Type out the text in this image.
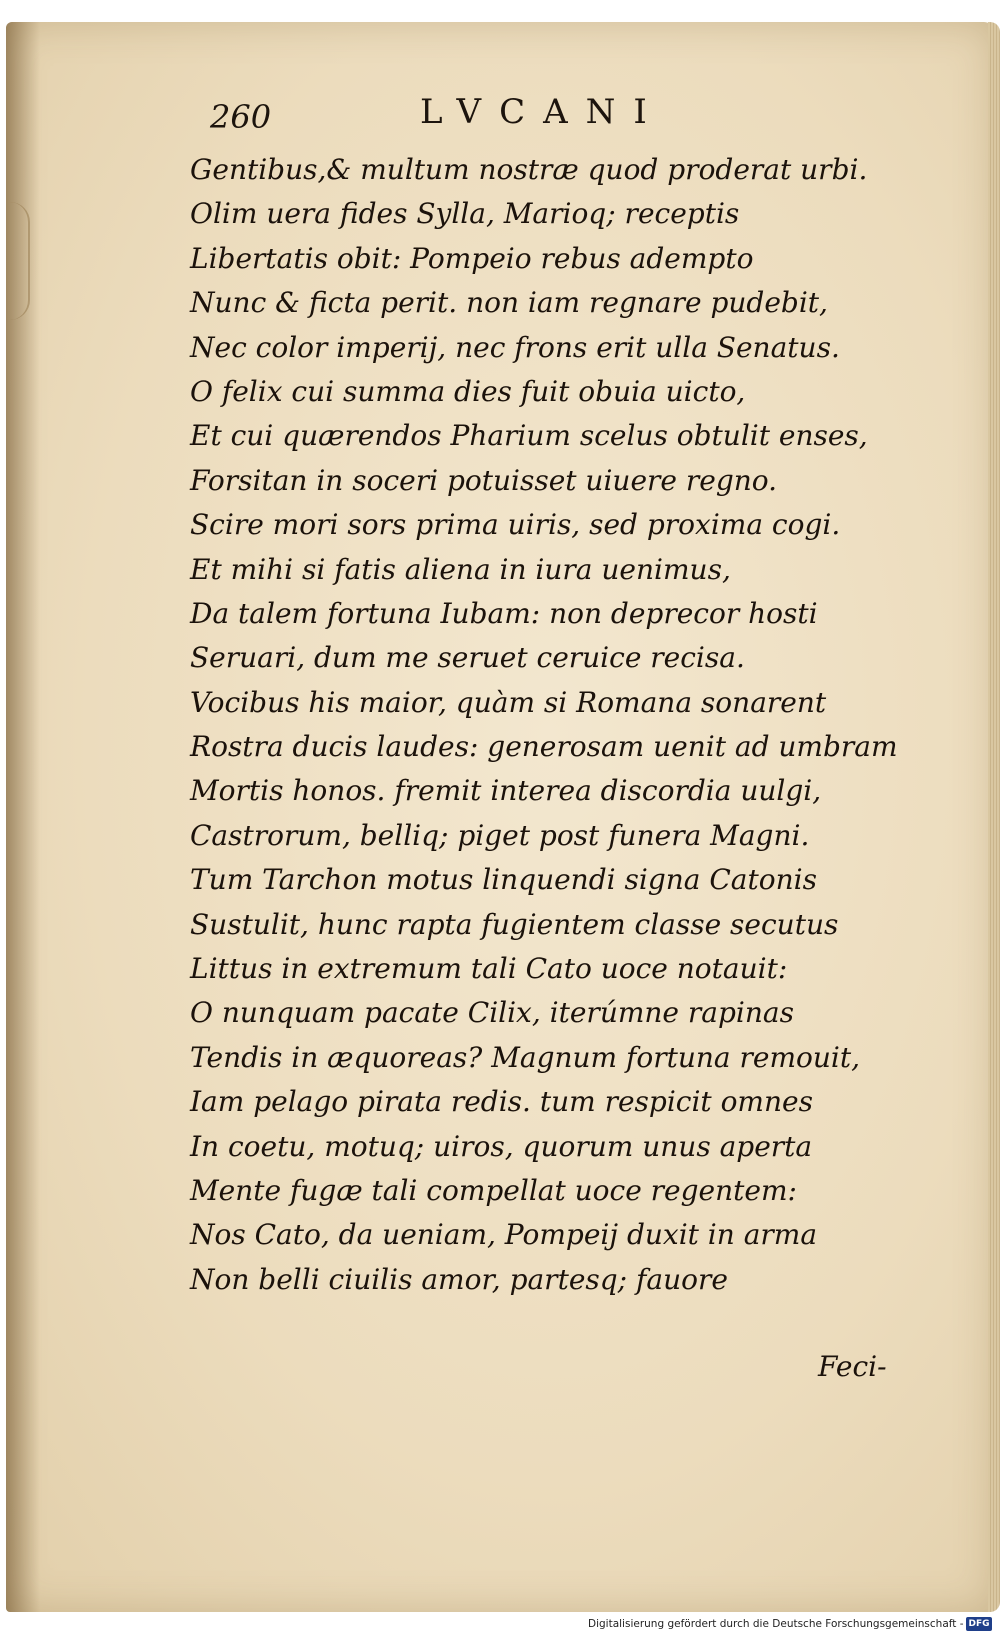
260	LVCANI
Gentibus,& multum nostræ quod proderat urbi.
Olim uera fides Sylla, Marioq; receptis
Libertatis obit: Pompeio rebus adempto
Nunc & ficta perit. non iam regnare pudebit,
Nec color imperij, nec frons erit ulla Senatus.
O felix cui summa dies fuit obuia uicto,
Et cui quærendos Pharium scelus obtulit enses,
Forsitan in soceri potuisset uiuere regno.
Scire mori sors prima uiris, sed proxima cogi.
Et mihi si fatis aliena in iura uenimus,
Da talem fortuna Iubam: non deprecor hosti
Seruari, dum me seruet ceruice recisa.
Vocibus his maior, quàm si Romana sonarent
Rostra ducis laudes: generosam uenit ad umbram
Mortis honos. fremit interea discordia uulgi,
Castrorum, belliq; piget post funera Magni.
Tum Tarchon motus linquendi signa Catonis
Sustulit, hunc rapta fugientem classe secutus
Littus in extremum tali Cato uoce notauit:
O nunquam pacate Cilix, iterúmne rapinas
Tendis in æquoreas? Magnum fortuna remouit,
Iam pelago pirata redis. tum respicit omnes
In coetu, motuq; uiros, quorum unus aperta
Mente fugæ tali compellat uoce regentem:
Nos Cato, da ueniam, Pompeij duxit in arma
Non belli ciuilis amor, partesq; fauore
Feci-
Digitalisierung gefördert durch die Deutsche Forschungsgemeinschaft - DFG
